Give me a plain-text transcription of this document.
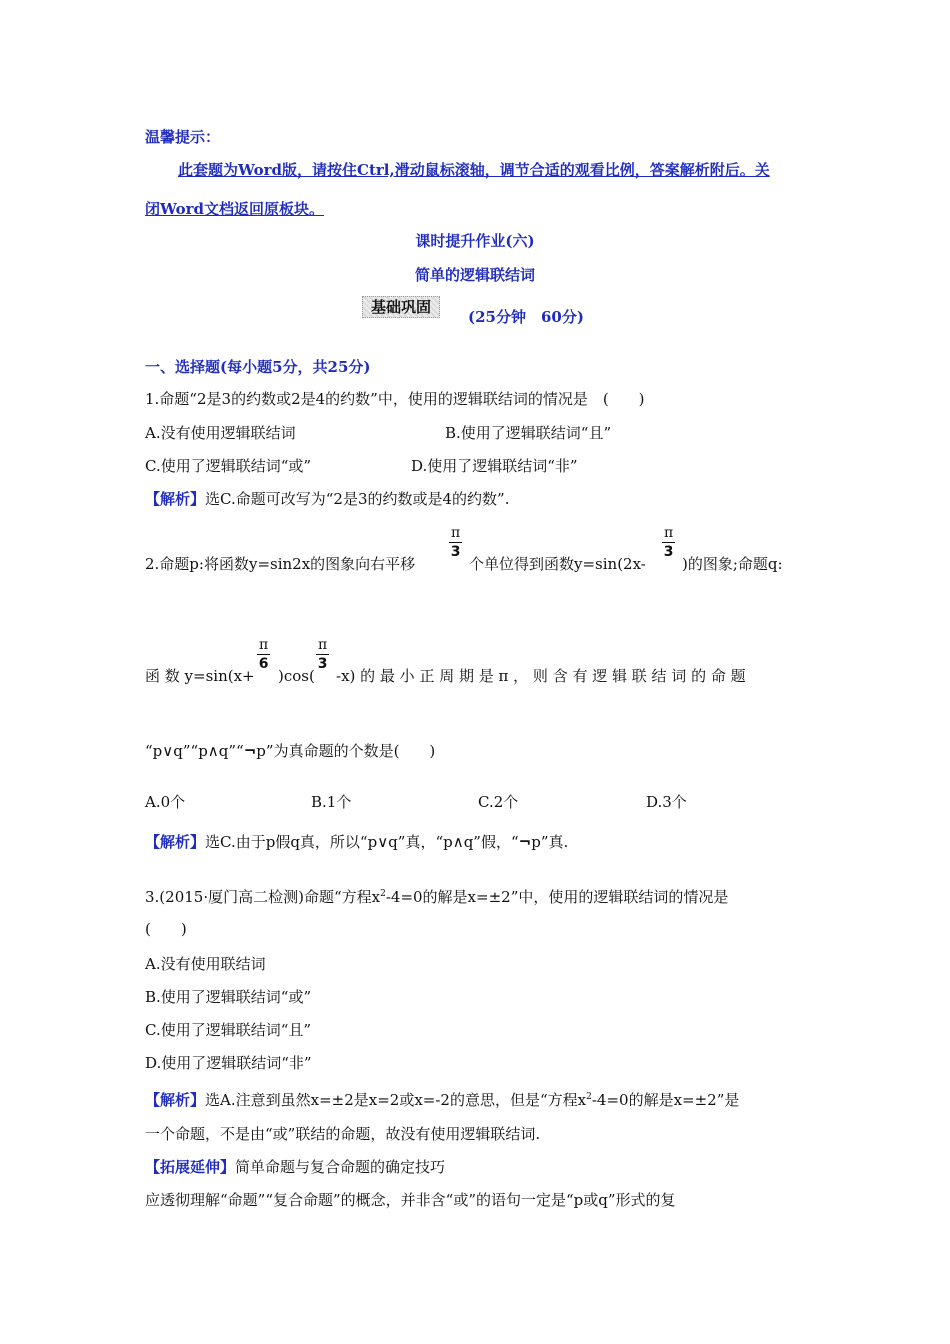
温馨提示：
此套题为Word版，请按住Ctrl,滑动鼠标滚轴，调节合适的观看比例，答案解析附后。关
闭Word文档返回原板块。
课时提升作业(六)
简单的逻辑联结词
基础巩固
(25分钟　60分)
一、选择题(每小题5分，共25分)
1.命题“2是3的约数或2是4的约数”中，使用的逻辑联结词的情况是　(　　)
A.没有使用逻辑联结词	B.使用了逻辑联结词“且”
C.使用了逻辑联结词“或”	D.使用了逻辑联结词“非”
【解析】选C.命题可改写为“2是3的约数或是4的约数”.
$\frac{\pi}{3}$	$\frac{\pi}{3}$
2.命题p:将函数y=sin2x的图象向右平移	个单位得到函数y=sin(2x- )的图象;命题q:
$\frac{\pi}{6}$	$\frac{\pi}{3}$
函 数 y=sin(x+ )cos( -x) 的 最 小 正 周 期 是 π ， 则 含 有 逻 辑 联 结 词 的 命 题
“p∨q”“p∧q”“¬p”为真命题的个数是(　　)
A.0个	B.1个	C.2个	D.3个
【解析】选C.由于p假q真，所以“p∨q”真，“p∧q”假，“¬p”真.
3.(2015·厦门高二检测)命题“方程$x^2-4=0$的解是x=±2”中，使用的逻辑联结词的情况是
(　　)
A.没有使用联结词
B.使用了逻辑联结词“或”
C.使用了逻辑联结词“且”
D.使用了逻辑联结词“非”
【解析】选A.注意到虽然x=±2是x=2或x=-2的意思，但是“方程$x^2-4=0$的解是x=±2”是
一个命题，不是由“或”联结的命题，故没有使用逻辑联结词.
【拓展延伸】简单命题与复合命题的确定技巧
应透彻理解“命题”“复合命题”的概念，并非含“或”的语句一定是“p或q”形式的复
